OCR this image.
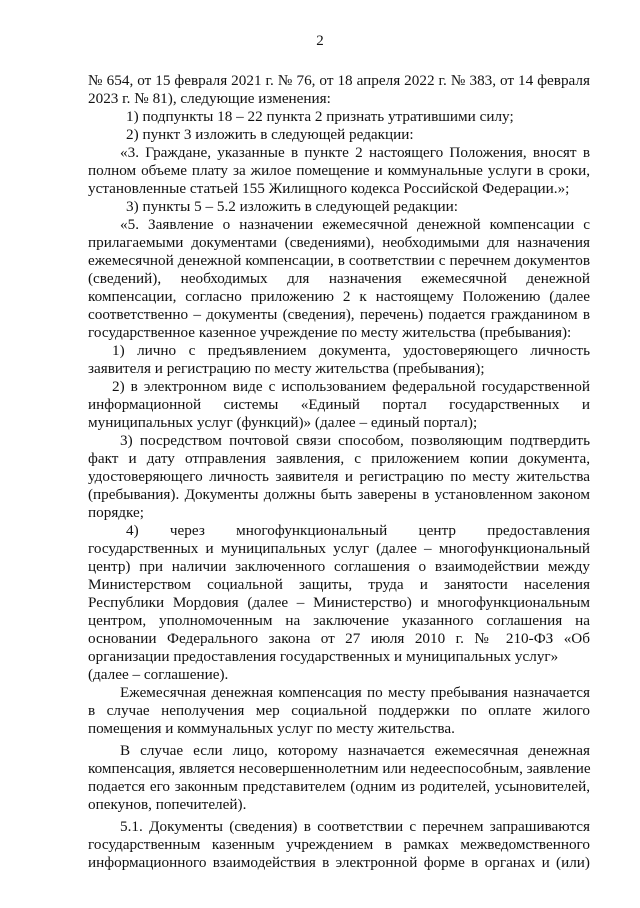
2
№ 654, от 15 февраля 2021 г. № 76, от 18 апреля 2022 г. № 383, от 14 февраля
2023 г. № 81), следующие изменения:
1) подпункты 18 – 22 пункта 2 признать утратившими силу;
2) пункт 3 изложить в следующей редакции:
«3. Граждане, указанные в пункте 2 настоящего Положения, вносят в
полном объеме плату за жилое помещение и коммунальные услуги в сроки,
установленные статьей 155 Жилищного кодекса Российской Федерации.»;
3) пункты 5 – 5.2 изложить в следующей редакции:
«5. Заявление о назначении ежемесячной денежной компенсации с
прилагаемыми документами (сведениями), необходимыми для назначения
ежемесячной денежной компенсации, в соответствии с перечнем документов
(сведений), необходимых для назначения ежемесячной денежной
компенсации, согласно приложению 2 к настоящему Положению (далее
соответственно – документы (сведения), перечень) подается гражданином в
государственное казенное учреждение по месту жительства (пребывания):
1) лично с предъявлением документа, удостоверяющего личность
заявителя и регистрацию по месту жительства (пребывания);
2) в электронном виде с использованием федеральной государственной
информационной системы «Единый портал государственных и
муниципальных услуг (функций)» (далее – единый портал);
3) посредством почтовой связи способом, позволяющим подтвердить
факт и дату отправления заявления, с приложением копии документа,
удостоверяющего личность заявителя и регистрацию по месту жительства
(пребывания). Документы должны быть заверены в установленном законом
порядке;
4) через многофункциональный центр предоставления
государственных и муниципальных услуг (далее – многофункциональный
центр) при наличии заключенного соглашения о взаимодействии между
Министерством социальной защиты, труда и занятости населения
Республики Мордовия (далее – Министерство) и многофункциональным
центром, уполномоченным на заключение указанного соглашения на
основании Федерального закона от 27 июля 2010 г. № 210-ФЗ «Об
организации предоставления государственных и муниципальных услуг»
(далее – соглашение).
Ежемесячная денежная компенсация по месту пребывания назначается
в случае неполучения мер социальной поддержки по оплате жилого
помещения и коммунальных услуг по месту жительства.
В случае если лицо, которому назначается ежемесячная денежная
компенсация, является несовершеннолетним или недееспособным, заявление
подается его законным представителем (одним из родителей, усыновителей,
опекунов, попечителей).
5.1. Документы (сведения) в соответствии с перечнем запрашиваются
государственным казенным учреждением в рамках межведомственного
информационного взаимодействия в электронной форме в органах и (или)
